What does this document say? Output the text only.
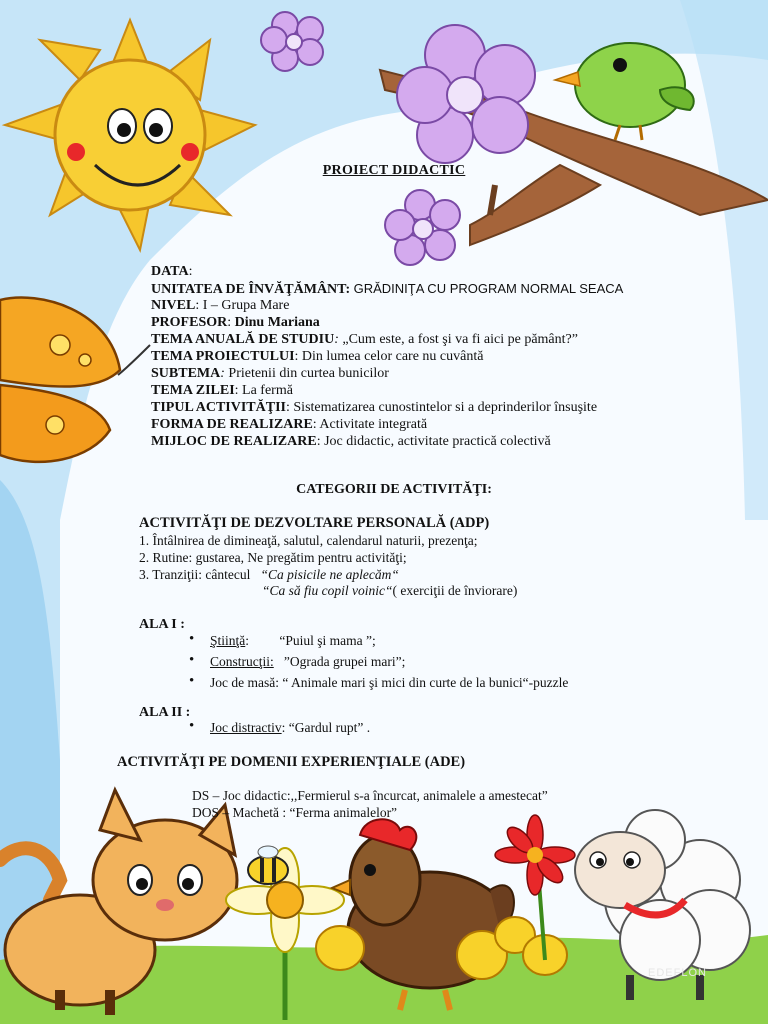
PROIECT DIDACTIC
DATA:
UNITATEA DE ÎNVĂŢĂMÂNT: GRĂDINIŢA CU PROGRAM NORMAL SEACA
NIVEL: I – Grupa Mare
PROFESOR: Dinu Mariana
TEMA ANUALĂ DE STUDIU: „Cum este, a fost şi va fi aici pe pământ?”
TEMA PROIECTULUI: Din lumea celor care nu cuvântă
SUBTEMA: Prietenii din curtea bunicilor
TEMA ZILEI: La fermă
TIPUL ACTIVITĂŢII: Sistematizarea cunostintelor si a deprinderilor însuşite
FORMA DE REALIZARE: Activitate integrată
MIJLOC DE REALIZARE: Joc didactic, activitate practică colectivă
CATEGORII DE ACTIVITĂŢI:
ACTIVITĂŢI DE DEZVOLTARE PERSONALĂ (ADP)
1. Întâlnirea de dimineaţă, salutul, calendarul naturii, prezenţa;
2. Rutine: gustarea, Ne pregătim pentru activităţi;
3. Tranziţii: cântecul “Ca pisicile ne aplecăm“
“Ca să fiu copil voinic“( exerciţii de înviorare)
ALA I :
• Ştiinţă: “Puiul şi mama ”;
• Construcţii: ”Ograda grupei mari”;
• Joc de masă: “ Animale mari şi mici din curte de la bunici“-puzzle
ALA II :
• Joc distractiv: “Gardul rupt” .
ACTIVITĂŢI PE DOMENII EXPERIENŢIALE (ADE)
DS – Joc didactic:,,Fermierul s-a încurcat, animalele a amestecat”
DOS – Machetă : “Ferma animalelor”
EDEFLON
